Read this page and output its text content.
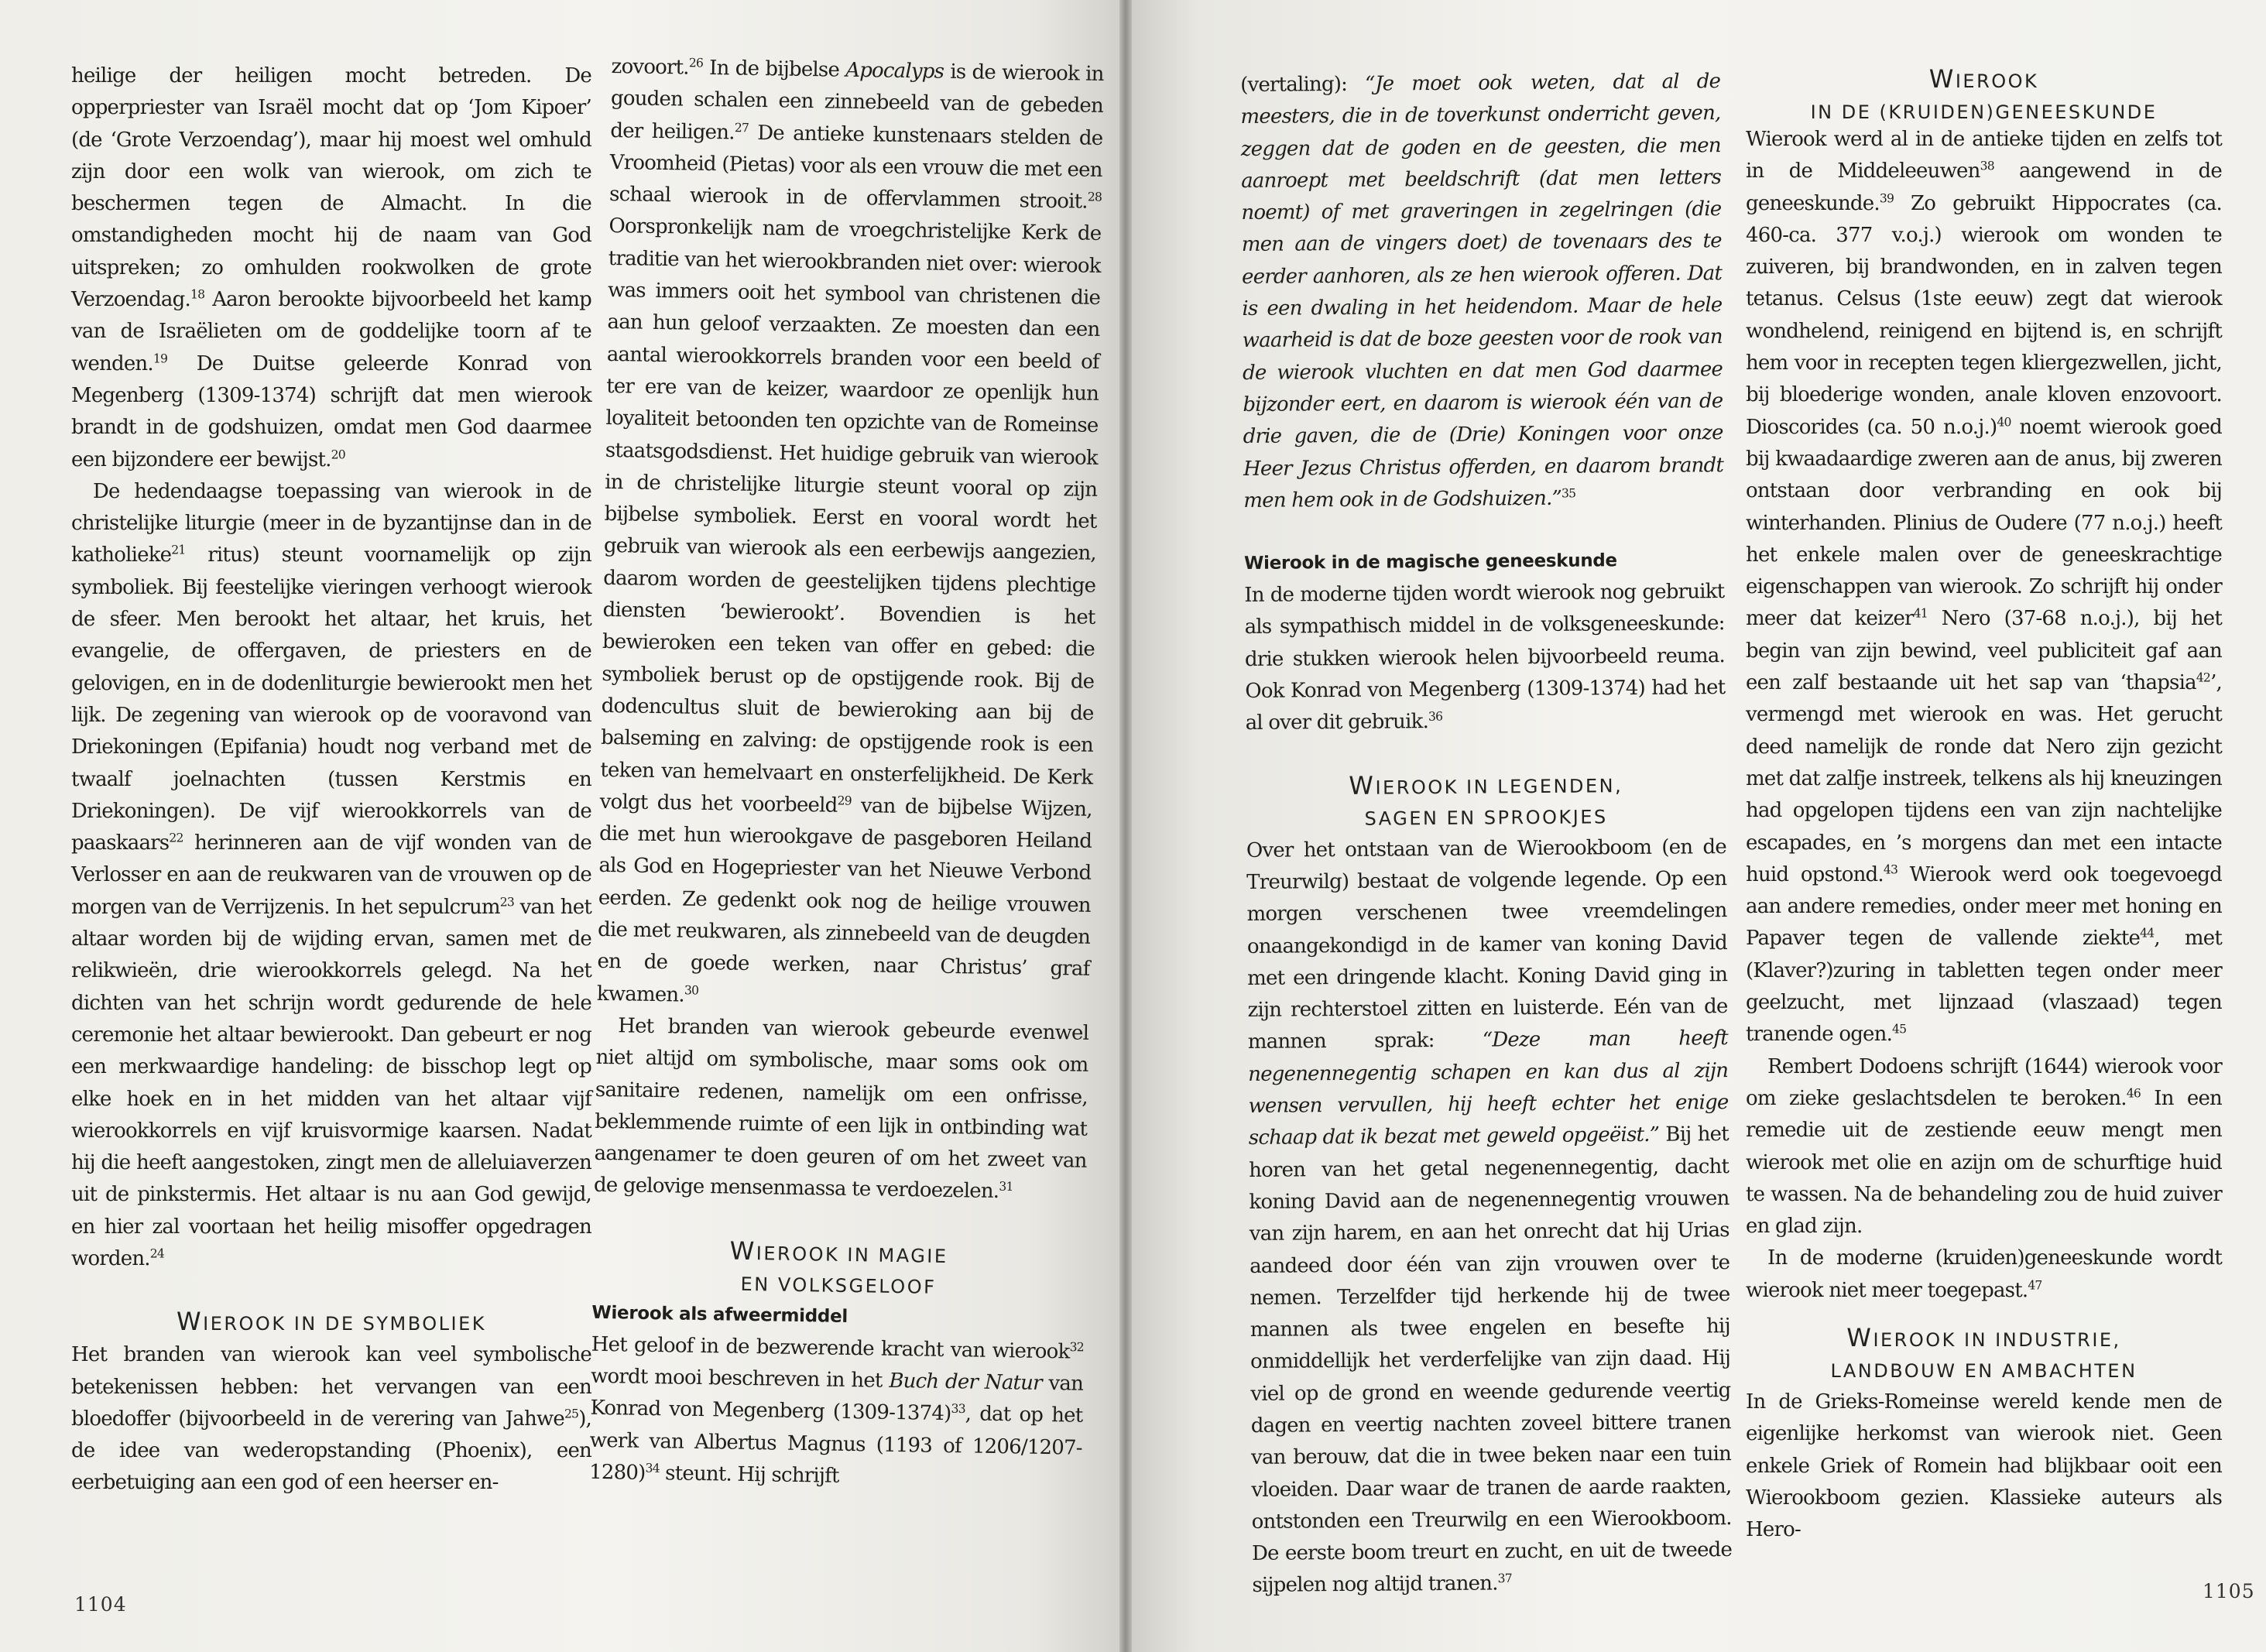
heilige der heiligen mocht betreden. De opperpriester van Israël mocht dat op ‘Jom Kipoer’ (de ‘Grote Verzoendag’), maar hij moest wel omhuld zijn door een wolk van wierook, om zich te beschermen tegen de Almacht. In die omstandigheden mocht hij de naam van God uitspreken; zo omhulden rookwolken de grote Verzoendag.$^{18}$ Aaron berookte bijvoorbeeld het kamp van de Israëlieten om de goddelijke toorn af te wenden.$^{19}$ De Duitse geleerde Konrad von Megenberg (1309-1374) schrijft dat men wierook brandt in de godshuizen, omdat men God daarmee een bijzondere eer bewijst.$^{20}$

De hedendaagse toepassing van wierook in de christelijke liturgie (meer in de byzantijnse dan in de katholieke$^{21}$ ritus) steunt voornamelijk op zijn symboliek. Bij feestelijke vieringen verhoogt wierook de sfeer. Men berookt het altaar, het kruis, het evangelie, de offergaven, de priesters en de gelovigen, en in de dodenliturgie bewierookt men het lijk. De zegening van wierook op de vooravond van Driekoningen (Epifania) houdt nog verband met de twaalf joelnachten (tussen Kerstmis en Driekoningen). De vijf wierookkorrels van de paaskaars$^{22}$ herinneren aan de vijf wonden van de Verlosser en aan de reukwaren van de vrouwen op de morgen van de Verrijzenis. In het sepulcrum$^{23}$ van het altaar worden bij de wijding ervan, samen met de relikwieën, drie wierookkorrels gelegd. Na het dichten van het schrijn wordt gedurende de hele ceremonie het altaar bewierookt. Dan gebeurt er nog een merkwaardige handeling: de bisschop legt op elke hoek en in het midden van het altaar vijf wierookkorrels en vijf kruisvormige kaarsen. Nadat hij die heeft aangestoken, zingt men de alleluiaverzen uit de pinkstermis. Het altaar is nu aan God gewijd, en hier zal voortaan het heilig misoffer opgedragen worden.$^{24}$

WIEROOK IN DE SYMBOLIEK

Het branden van wierook kan veel symbolische betekenissen hebben: het vervangen van een bloedoffer (bijvoorbeeld in de verering van Jahwe$^{25}$), de idee van wederopstanding (Phoenix), een eerbetuiging aan een god of een heerser en-

zovoort.$^{26}$ In de bijbelse Apocalyps is de wierook in gouden schalen een zinnebeeld van de gebeden der heiligen.$^{27}$ De antieke kunstenaars stelden de Vroomheid (Pietas) voor als een vrouw die met een schaal wierook in de offervlammen strooit.$^{28}$ Oorspronkelijk nam de vroegchristelijke Kerk de traditie van het wierookbranden niet over: wierook was immers ooit het symbool van christenen die aan hun geloof verzaakten. Ze moesten dan een aantal wierookkorrels branden voor een beeld of ter ere van de keizer, waardoor ze openlijk hun loyaliteit betoonden ten opzichte van de Romeinse staatsgodsdienst. Het huidige gebruik van wierook in de christelijke liturgie steunt vooral op zijn bijbelse symboliek. Eerst en vooral wordt het gebruik van wierook als een eerbewijs aangezien, daarom worden de geestelijken tijdens plechtige diensten ‘bewierookt’. Bovendien is het bewieroken een teken van offer en gebed: die symboliek berust op de opstijgende rook. Bij de dodencultus sluit de bewieroking aan bij de balseming en zalving: de opstijgende rook is een teken van hemelvaart en onsterfelijkheid. De Kerk volgt dus het voorbeeld$^{29}$ van de bijbelse Wijzen, die met hun wierookgave de pasgeboren Heiland als God en Hogepriester van het Nieuwe Verbond eerden. Ze gedenkt ook nog de heilige vrouwen die met reukwaren, als zinnebeeld van de deugden en de goede werken, naar Christus’ graf kwamen.$^{30}$

Het branden van wierook gebeurde evenwel niet altijd om symbolische, maar soms ook om sanitaire redenen, namelijk om een onfrisse, beklemmende ruimte of een lijk in ontbinding wat aangenamer te doen geuren of om het zweet van de gelovige mensenmassa te verdoezelen.$^{31}$

WIEROOK IN MAGIE
EN VOLKSGELOOF
Wierook als afweermiddel

Het geloof in de bezwerende kracht van wierook$^{32}$ wordt mooi beschreven in het Buch der Natur van Konrad von Megenberg (1309-1374)$^{33}$, dat op het werk van Albertus Magnus (1193 of 1206/1207-1280)$^{34}$ steunt. Hij schrijft

1104

(vertaling): “Je moet ook weten, dat al de meesters, die in de toverkunst onderricht geven, zeggen dat de goden en de geesten, die men aanroept met beeldschrift (dat men letters noemt) of met graveringen in zegelringen (die men aan de vingers doet) de tovenaars des te eerder aanhoren, als ze hen wierook offeren. Dat is een dwaling in het heidendom. Maar de hele waarheid is dat de boze geesten voor de rook van de wierook vluchten en dat men God daarmee bijzonder eert, en daarom is wierook één van de drie gaven, die de (Drie) Koningen voor onze Heer Jezus Christus offerden, en daarom brandt men hem ook in de Godshuizen.”$^{35}$

Wierook in de magische geneeskunde

In de moderne tijden wordt wierook nog gebruikt als sympathisch middel in de volksgeneeskunde: drie stukken wierook helen bijvoorbeeld reuma. Ook Konrad von Megenberg (1309-1374) had het al over dit gebruik.$^{36}$

WIEROOK IN LEGENDEN,
SAGEN EN SPROOKJES

Over het ontstaan van de Wierookboom (en de Treurwilg) bestaat de volgende legende. Op een morgen verschenen twee vreemdelingen onaangekondigd in de kamer van koning David met een dringende klacht. Koning David ging in zijn rechterstoel zitten en luisterde. Eén van de mannen sprak: “Deze man heeft negenennegentig schapen en kan dus al zijn wensen vervullen, hij heeft echter het enige schaap dat ik bezat met geweld opgeëist.” Bij het horen van het getal negenennegentig, dacht koning David aan de negenennegentig vrouwen van zijn harem, en aan het onrecht dat hij Urias aandeed door één van zijn vrouwen over te nemen. Terzelfder tijd herkende hij de twee mannen als twee engelen en besefte hij onmiddellijk het verderfelijke van zijn daad. Hij viel op de grond en weende gedurende veertig dagen en veertig nachten zoveel bittere tranen van berouw, dat die in twee beken naar een tuin vloeiden. Daar waar de tranen de aarde raakten, ontstonden een Treurwilg en een Wierookboom. De eerste boom treurt en zucht, en uit de tweede sijpelen nog altijd tranen.$^{37}$

WIEROOK
IN DE (KRUIDEN)GENEESKUNDE

Wierook werd al in de antieke tijden en zelfs tot in de Middeleeuwen$^{38}$ aangewend in de geneeskunde.$^{39}$ Zo gebruikt Hippocrates (ca. 460-ca. 377 v.o.j.) wierook om wonden te zuiveren, bij brandwonden, en in zalven tegen tetanus. Celsus (1ste eeuw) zegt dat wierook wondhelend, reinigend en bijtend is, en schrijft hem voor in recepten tegen kliergezwellen, jicht, bij bloederige wonden, anale kloven enzovoort. Dioscorides (ca. 50 n.o.j.)$^{40}$ noemt wierook goed bij kwaadaardige zweren aan de anus, bij zweren ontstaan door verbranding en ook bij winterhanden. Plinius de Oudere (77 n.o.j.) heeft het enkele malen over de geneeskrachtige eigenschappen van wierook. Zo schrijft hij onder meer dat keizer$^{41}$ Nero (37-68 n.o.j.), bij het begin van zijn bewind, veel publiciteit gaf aan een zalf bestaande uit het sap van ‘thapsia$^{42}$’, vermengd met wierook en was. Het gerucht deed namelijk de ronde dat Nero zijn gezicht met dat zalfje instreek, telkens als hij kneuzingen had opgelopen tijdens een van zijn nachtelijke escapades, en ’s morgens dan met een intacte huid opstond.$^{43}$ Wierook werd ook toegevoegd aan andere remedies, onder meer met honing en Papaver tegen de vallende ziekte$^{44}$, met (Klaver?)zuring in tabletten tegen onder meer geelzucht, met lijnzaad (vlaszaad) tegen tranende ogen.$^{45}$

Rembert Dodoens schrijft (1644) wierook voor om zieke geslachtsdelen te beroken.$^{46}$ In een remedie uit de zestiende eeuw mengt men wierook met olie en azijn om de schurftige huid te wassen. Na de behandeling zou de huid zuiver en glad zijn.

In de moderne (kruiden)geneeskunde wordt wierook niet meer toegepast.$^{47}$

WIEROOK IN INDUSTRIE,
LANDBOUW EN AMBACHTEN

In de Grieks-Romeinse wereld kende men de eigenlijke herkomst van wierook niet. Geen enkele Griek of Romein had blijkbaar ooit een Wierookboom gezien. Klassieke auteurs als Hero-

1105
